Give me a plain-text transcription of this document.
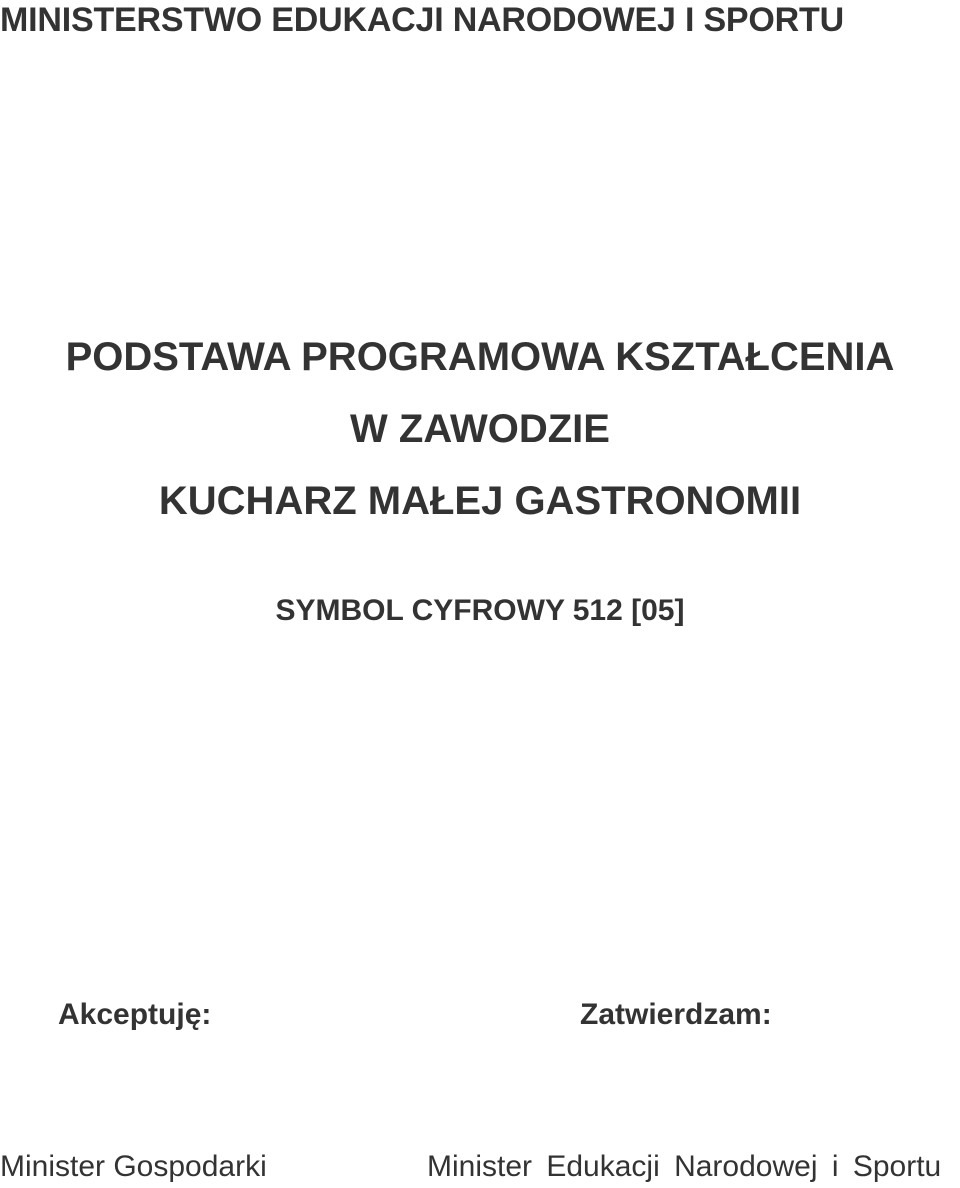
MINISTERSTWO EDUKACJI NARODOWEJ I SPORTU
PODSTAWA PROGRAMOWA KSZTAŁCENIA
W ZAWODZIE
KUCHARZ MAŁEJ GASTRONOMII

SYMBOL CYFROWY 512 [05]

Akceptuję:	Zatwierdzam:

Minister Gospodarki	Minister Edukacji Narodowej i Sportu
